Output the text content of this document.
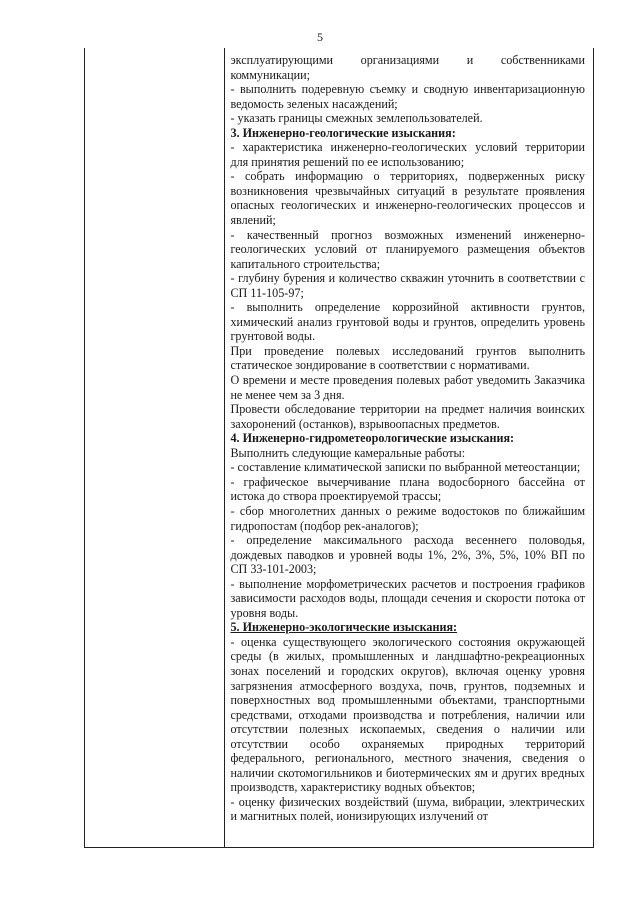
5

эксплуатирующими организациями и собственниками коммуникации;

- выполнить подеревную съемку и сводную инвентаризационную ведомость зеленых насаждений;

- указать границы смежных землепользователей.

3. Инженерно-геологические изыскания:

- характеристика инженерно-геологических условий территории для принятия решений по ее использованию;

- собрать информацию о территориях, подверженных риску возникновения чрезвычайных ситуаций в результате проявления опасных геологических и инженерно-геологических процессов и явлений;

- качественный прогноз возможных изменений инженерно-геологических условий от планируемого размещения объектов капитального строительства;

- глубину бурения и количество скважин уточнить в соответствии с СП 11-105-97;

- выполнить определение коррозийной активности грунтов, химический анализ грунтовой воды и грунтов, определить уровень грунтовой воды.

При проведение полевых исследований грунтов выполнить статическое зондирование в соответствии с нормативами.

О времени и месте проведения полевых работ уведомить Заказчика не менее чем за 3 дня.

Провести обследование территории на предмет наличия воинских захоронений (останков), взрывоопасных предметов.

4. Инженерно-гидрометеорологические изыскания:

Выполнить следующие камеральные работы:

- составление климатической записки по выбранной метеостанции;

- графическое вычерчивание плана водосборного бассейна от истока до створа проектируемой трассы;

- сбор многолетних данных о режиме водостоков по ближайшим гидропостам (подбор рек-аналогов);

- определение максимального расхода весеннего половодья, дождевых паводков и уровней воды 1%, 2%, 3%, 5%, 10% ВП по СП 33-101-2003;

- выполнение морфометрических расчетов и построения графиков зависимости расходов воды, площади сечения и скорости потока от уровня воды.

5. Инженерно-экологические изыскания:

- оценка существующего экологического состояния окружающей среды (в жилых, промышленных и ландшафтно-рекреационных зонах поселений и городских округов), включая оценку уровня загрязнения атмосферного воздуха, почв, грунтов, подземных и поверхностных вод промышленными объектами, транспортными средствами, отходами производства и потребления, наличии или отсутствии полезных ископаемых, сведения о наличии или отсутствии особо охраняемых природных территорий федерального, регионального, местного значения, сведения о наличии скотомогильников и биотермических ям и других вредных производств, характеристику водных объектов;

- оценку физических воздействий (шума, вибрации, электрических и магнитных полей, ионизирующих излучений от
